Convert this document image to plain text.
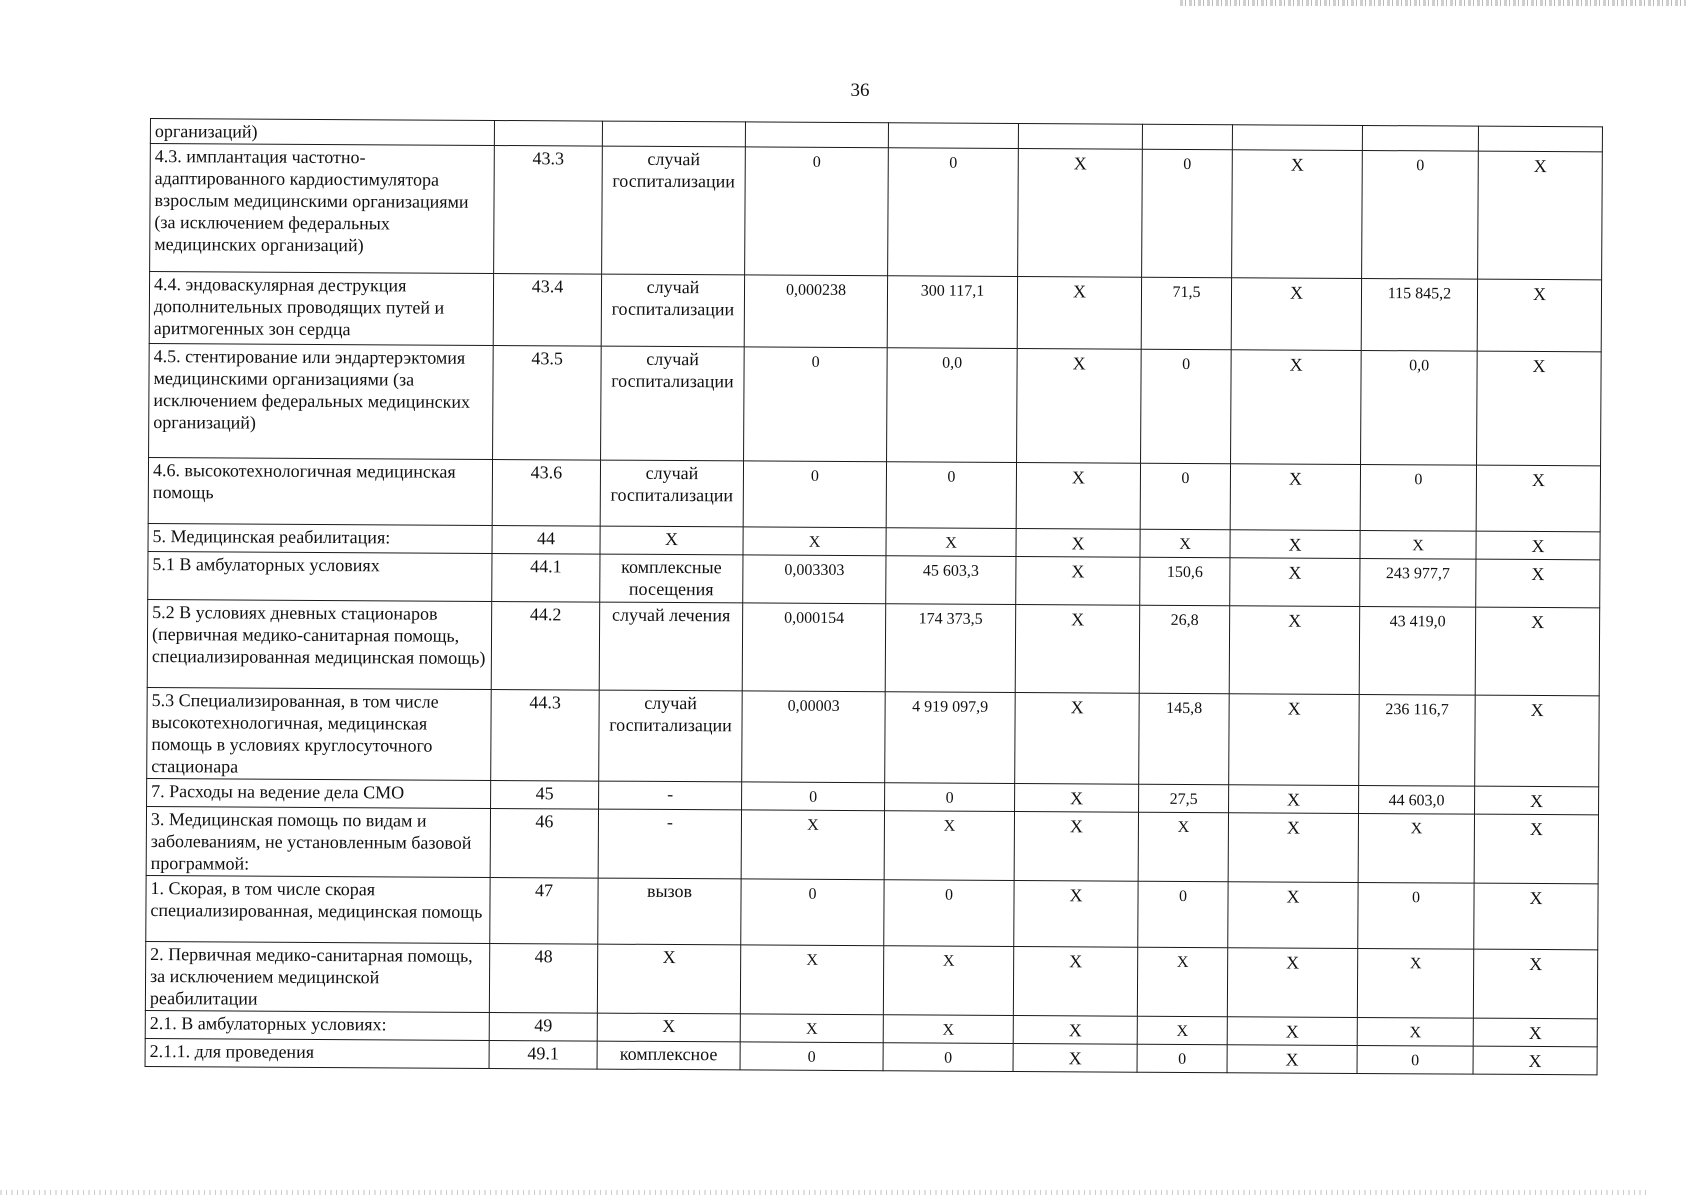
36
организаций)									
4.3. имплантация частотно-адаптированного кардиостимулятора взрослым медицинскими организациями (за исключением федеральных медицинских организаций)	43.3	случай госпитализации	0	0	X	0	X	0	X
4.4. эндоваскулярная деструкция дополнительных проводящих путей и аритмогенных зон сердца	43.4	случай госпитализации	0,000238	300 117,1	X	71,5	X	115 845,2	X
4.5. стентирование или эндартерэктомия медицинскими организациями (за исключением федеральных медицинских организаций)	43.5	случай госпитализации	0	0,0	X	0	X	0,0	X
4.6. высокотехнологичная медицинская помощь	43.6	случай госпитализации	0	0	X	0	X	0	X
5. Медицинская реабилитация:	44	X	X	X	X	X	X	X	X
5.1 В амбулаторных условиях	44.1	комплексные посещения	0,003303	45 603,3	X	150,6	X	243 977,7	X
5.2 В условиях дневных стационаров (первичная медико-санитарная помощь, специализированная медицинская помощь)	44.2	случай лечения	0,000154	174 373,5	X	26,8	X	43 419,0	X
5.3 Специализированная, в том числе высокотехнологичная, медицинская помощь в условиях круглосуточного стационара	44.3	случай госпитализации	0,00003	4 919 097,9	X	145,8	X	236 116,7	X
7. Расходы на ведение дела СМО	45	-	0	0	X	27,5	X	44 603,0	X
3. Медицинская помощь по видам и заболеваниям, не установленным базовой программой:	46	-	X	X	X	X	X	X	X
1. Скорая, в том числе скорая специализированная, медицинская помощь	47	вызов	0	0	X	0	X	0	X
2. Первичная медико-санитарная помощь, за исключением медицинской реабилитации	48	X	X	X	X	X	X	X	X
2.1. В амбулаторных условиях:	49	X	X	X	X	X	X	X	X
2.1.1. для проведения	49.1	комплексное	0	0	X	0	X	0	X
